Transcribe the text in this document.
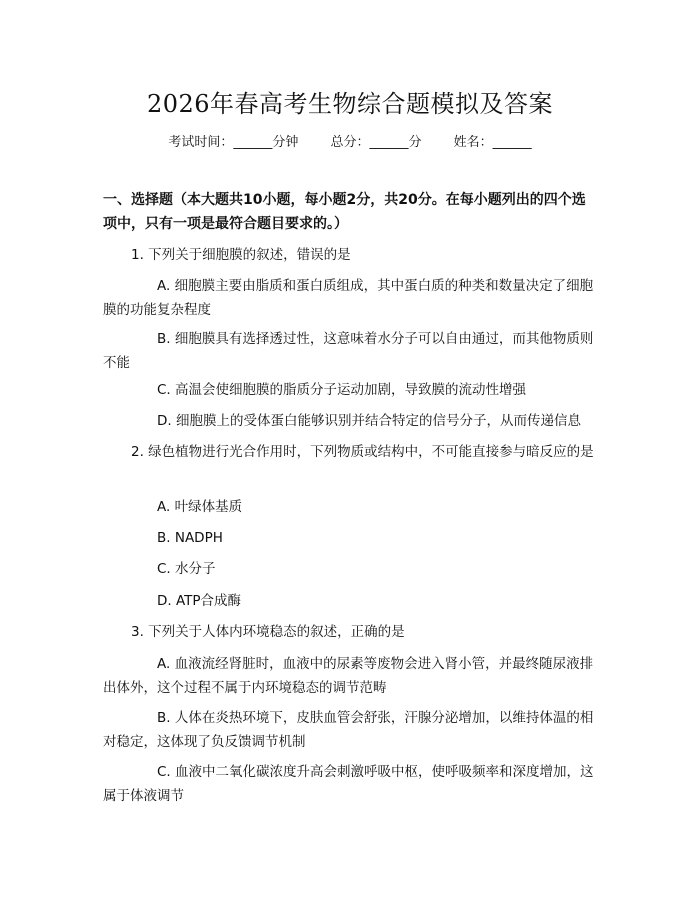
2026年春高考生物综合题模拟及答案
考试时间：______分钟 总分：______分 姓名：______
一、选择题（本大题共10小题，每小题2分，共20分。在每小题列出的四个选项中，只有一项是最符合题目要求的。）
1. 下列关于细胞膜的叙述，错误的是
A. 细胞膜主要由脂质和蛋白质组成，其中蛋白质的种类和数量决定了细胞膜的功能复杂程度
B. 细胞膜具有选择透过性，这意味着水分子可以自由通过，而其他物质则不能
C. 高温会使细胞膜的脂质分子运动加剧，导致膜的流动性增强
D. 细胞膜上的受体蛋白能够识别并结合特定的信号分子，从而传递信息
2. 绿色植物进行光合作用时，下列物质或结构中，不可能直接参与暗反应的是
A. 叶绿体基质
B. NADPH
C. 水分子
D. ATP合成酶
3. 下列关于人体内环境稳态的叙述，正确的是
A. 血液流经肾脏时，血液中的尿素等废物会进入肾小管，并最终随尿液排出体外，这个过程不属于内环境稳态的调节范畴
B. 人体在炎热环境下，皮肤血管会舒张，汗腺分泌增加，以维持体温的相对稳定，这体现了负反馈调节机制
C. 血液中二氧化碳浓度升高会刺激呼吸中枢，使呼吸频率和深度增加，这属于体液调节
